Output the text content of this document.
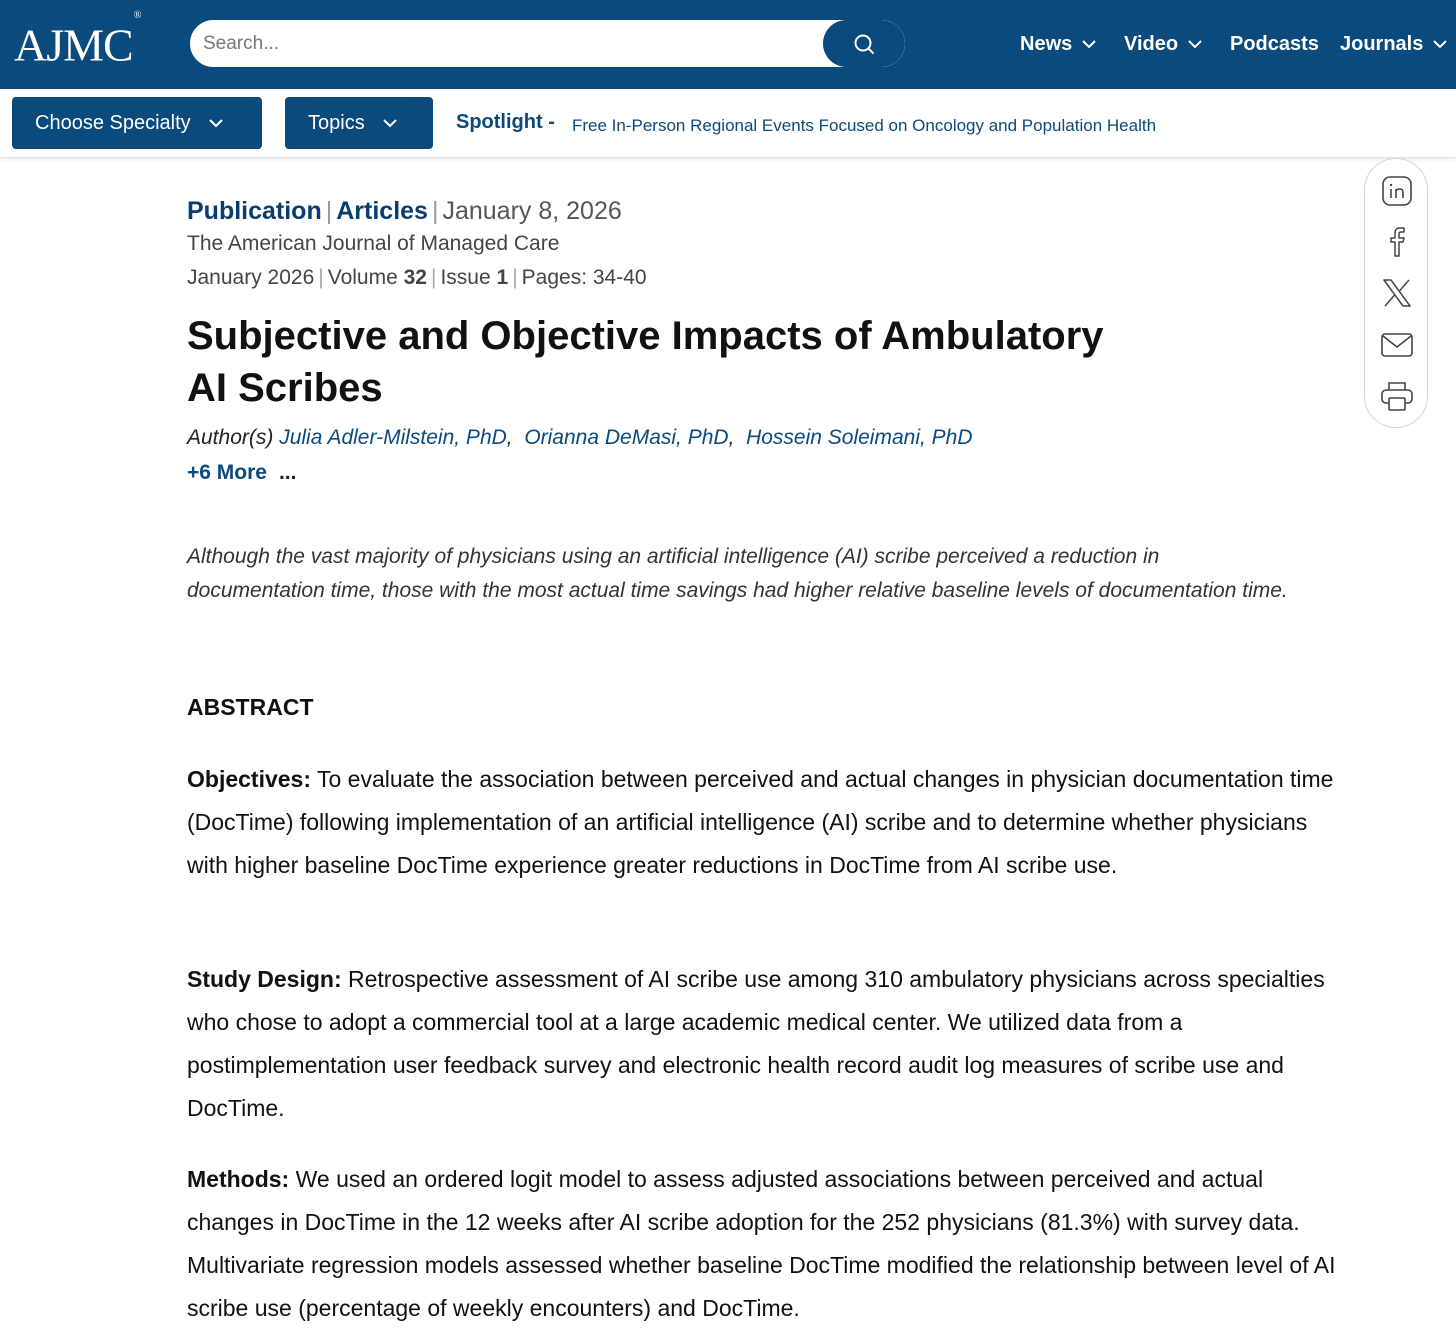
AJMC®
Search...
News	Video	Podcasts Journals
Choose Specialty	Topics	Spotlight - Free In-Person Regional Events Focused on Oncology and Population Health
Publication | Articles | January 8, 2026
The American Journal of Managed Care
January 2026 | Volume 32 | Issue 1 | Pages: 34-40
Subjective and Objective Impacts of Ambulatory
AI Scribes
Author(s) Julia Adler-Milstein, PhD,  Orianna DeMasi, PhD,  Hossein Soleimani, PhD
+6 More ...

Although the vast majority of physicians using an artificial intelligence (AI) scribe perceived a reduction in documentation time, those with the most actual time savings had higher relative baseline levels of documentation time.

ABSTRACT

Objectives: To evaluate the association between perceived and actual changes in physician documentation time (DocTime) following implementation of an artificial intelligence (AI) scribe and to determine whether physicians with higher baseline DocTime experience greater reductions in DocTime from AI scribe use.

Study Design: Retrospective assessment of AI scribe use among 310 ambulatory physicians across specialties who chose to adopt a commercial tool at a large academic medical center. We utilized data from a postimplementation user feedback survey and electronic health record audit log measures of scribe use and DocTime.

Methods: We used an ordered logit model to assess adjusted associations between perceived and actual changes in DocTime in the 12 weeks after AI scribe adoption for the 252 physicians (81.3%) with survey data. Multivariate regression models assessed whether baseline DocTime modified the relationship between level of AI scribe use (percentage of weekly encounters) and DocTime.
